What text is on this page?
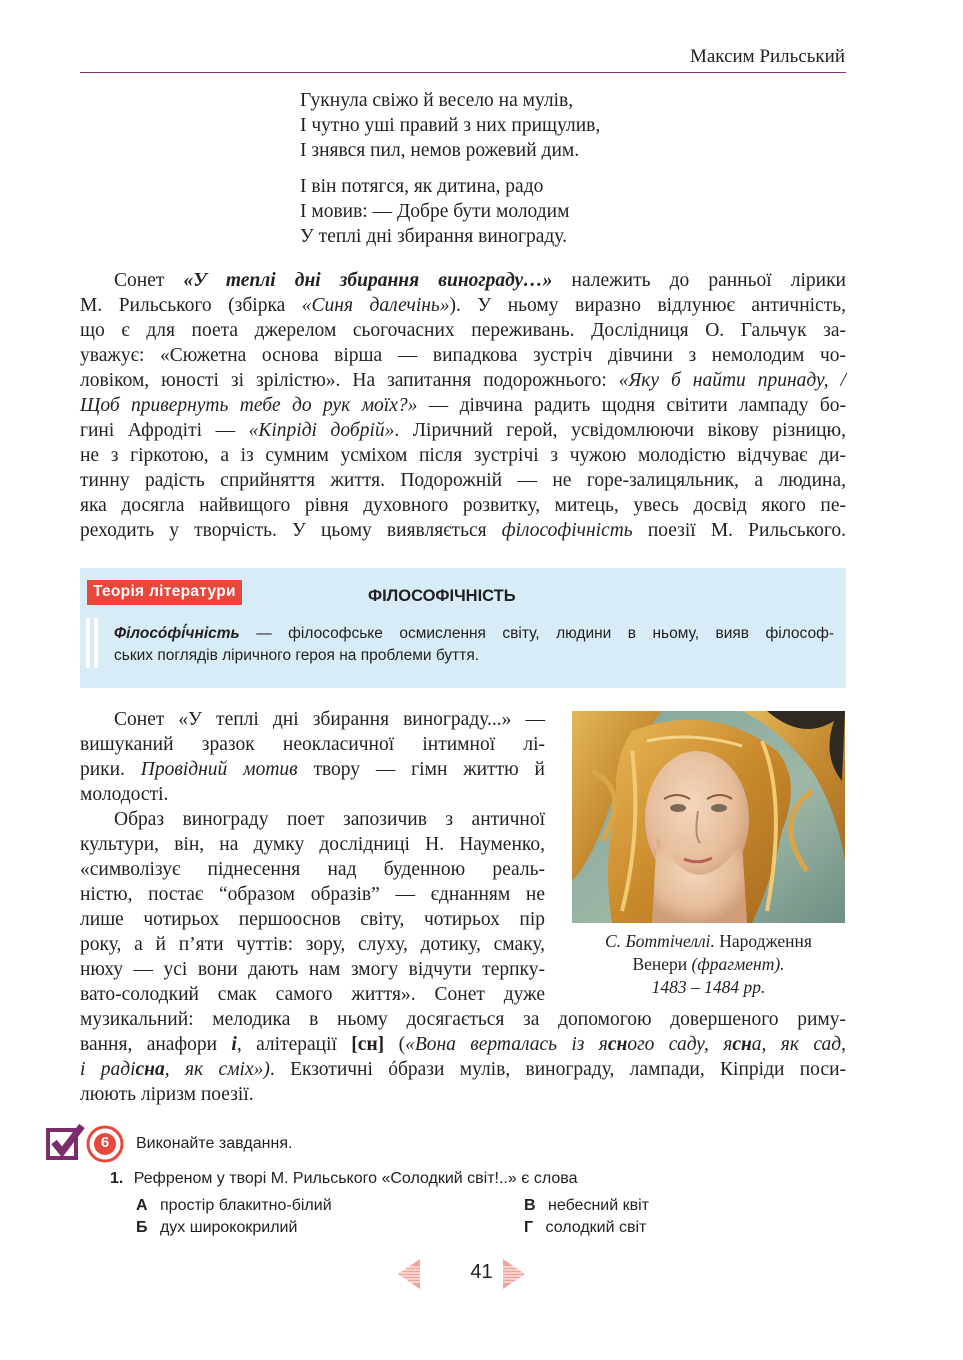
Максим Рильський
Гукнула свіжо й весело на мулів,
І чутно уші правий з них прищулив,
І знявся пил, немов рожевий дим.
І він потягся, як дитина, радо
І мовив: — Добре бути молодим
У теплі дні збирання винограду.
Сонет «У теплі дні збирання винограду…» належить до ранньої лірики
М. Рильського (збірка «Синя далечінь»). У ньому виразно відлунює античність,
що є для поета джерелом сьогочасних переживань. Дослідниця О. Гальчук за-
уважує: «Сюжетна основа вірша — випадкова зустріч дівчини з немолодим чо-
ловіком, юності зі зрілістю». На запитання подорожнього: «Яку б найти принаду, /
Щоб привернуть тебе до рук моїх?» — дівчина радить щодня світити лампаду бо-
гині Афродіті — «Кіпріді добрій». Ліричний герой, усвідомлюючи вікову різницю,
не з гіркотою, а із сумним усміхом після зустрічі з чужою молодістю відчуває ди-
тинну радість сприйняття життя. Подорожній — не горе-залицяльник, а людина,
яка досягла найвищого рівня духовного розвитку, митець, увесь досвід якого пе-
реходить у творчість. У цьому виявляється філософічність поезії М. Рильського.
Теорія літератури	ФІЛОСОФІЧНІСТЬ
Філосо́фі́чність — філософське осмислення світу, людини в ньому, вияв філософ-
ських поглядів ліричного героя на проблеми буття.
Сонет «У теплі дні збирання винограду...» —
вишуканий зразок неокласичної інтимної лі-
рики. Провідний мотив твору — гімн життю й
молодості.
Образ винограду поет запозичив з античної
культури, він, на думку дослідниці Н. Науменко,
«символізує піднесення над буденною реаль-
ністю, постає “образом образів” — єднанням не
лише чотирьох першооснов світу, чотирьох пір
року, а й п’яти чуттів: зору, слуху, дотику, смаку,
нюху — усі вони дають нам змогу відчути терпку-
вато-солодкий смак самого життя». Сонет дуже
музикальний: мелодика в ньому досягається за допомогою довершеного риму-
вання, анафори і, алітерації [сн] («Вона верталась із ясного саду, ясна, як сад,
і радісна, як сміх»). Екзотичні óбрази мулів, винограду, лампади, Кіпріди поси-
люють ліризм поезії.
С. Боттічеллі. Народження
Венери (фрагмент).
1483 – 1484 рр.
6	Виконайте завдання.
1. Рефреном у творі М. Рильського «Солодкий світ!..» є слова
А простір блакитно-білий
Б дух ширококрилий
В небесний квіт
Г солодкий світ
41
